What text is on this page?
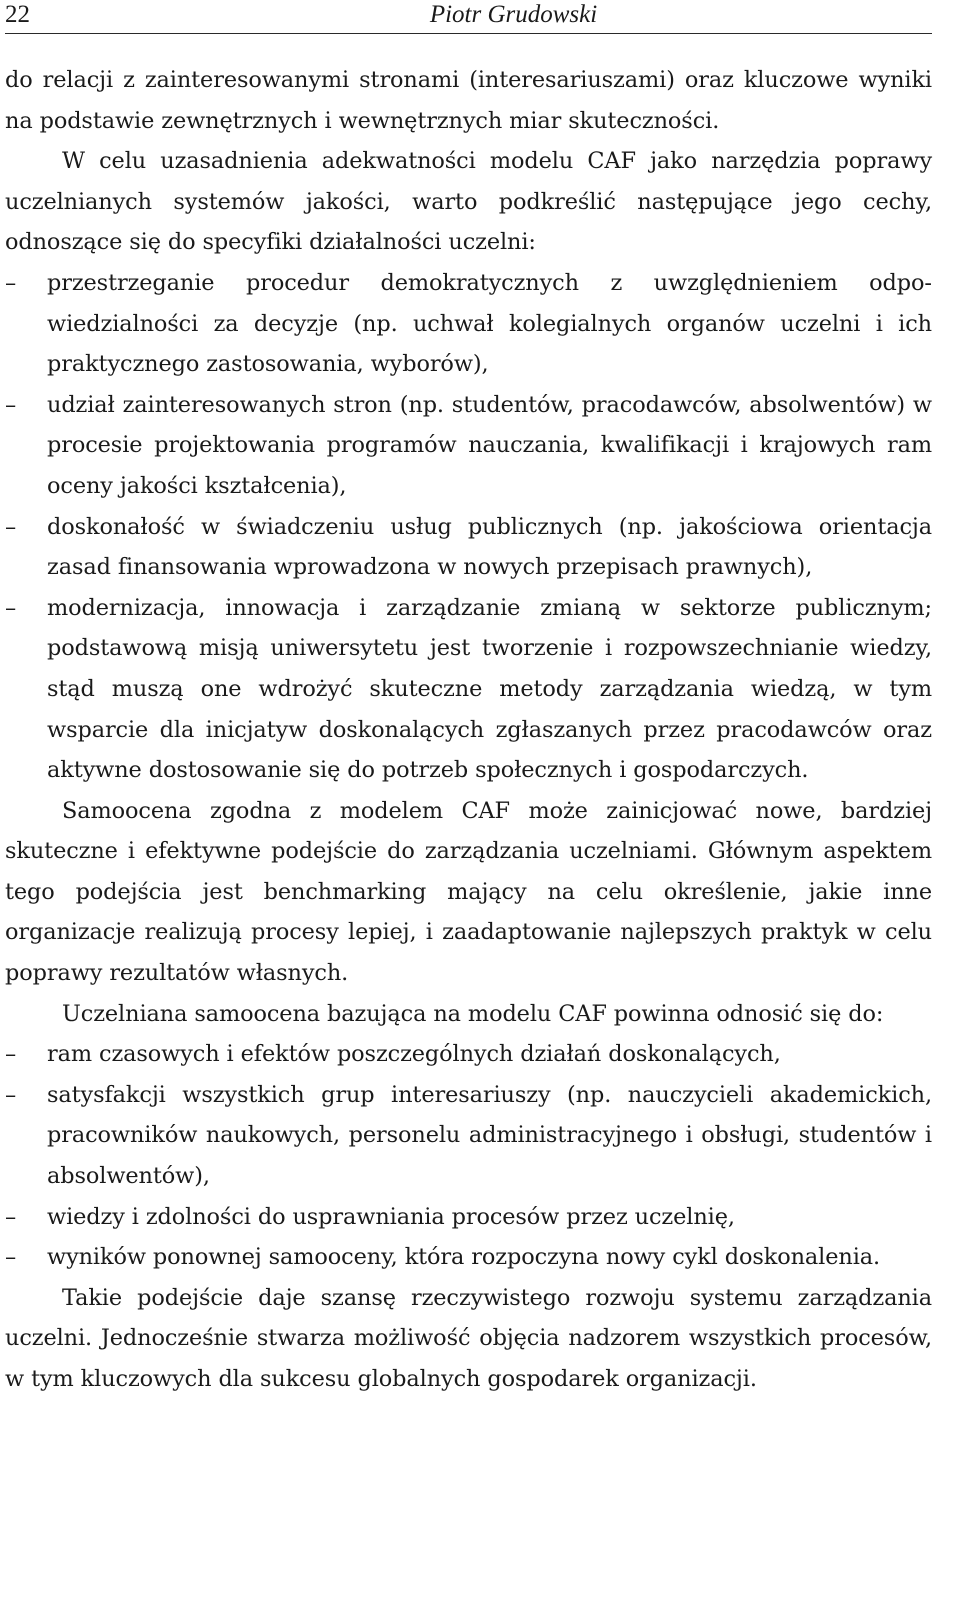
22	Piotr Grudowski

do relacji z zainteresowanymi stronami (interesariuszami) oraz kluczowe wyniki na podstawie zewnętrznych i wewnętrznych miar skuteczności.

W celu uzasadnienia adekwatności modelu CAF jako narzędzia poprawy uczelnianych systemów jakości, warto podkreślić następujące jego cechy, odnoszące się do specyfiki działalności uczelni:

– przestrzeganie procedur demokratycznych z uwzględnieniem odpowiedzialności za decyzje (np. uchwał kolegialnych organów uczelni i ich praktycznego zastosowania, wyborów),

– udział zainteresowanych stron (np. studentów, pracodawców, absolwentów) w procesie projektowania programów nauczania, kwalifikacji i krajowych ram oceny jakości kształcenia),

– doskonałość w świadczeniu usług publicznych (np. jakościowa orientacja zasad finansowania wprowadzona w nowych przepisach prawnych),

– modernizacja, innowacja i zarządzanie zmianą w sektorze publicznym; podstawową misją uniwersytetu jest tworzenie i rozpowszechnianie wiedzy, stąd muszą one wdrożyć skuteczne metody zarządzania wiedzą, w tym wsparcie dla inicjatyw doskonalących zgłaszanych przez pracodawców oraz aktywne dostosowanie się do potrzeb społecznych i gospodarczych.

Samoocena zgodna z modelem CAF może zainicjować nowe, bardziej skuteczne i efektywne podejście do zarządzania uczelniami. Głównym aspektem tego podejścia jest benchmarking mający na celu określenie, jakie inne organizacje realizują procesy lepiej, i zaadaptowanie najlepszych praktyk w celu poprawy rezultatów własnych.

Uczelniana samoocena bazująca na modelu CAF powinna odnosić się do:

– ram czasowych i efektów poszczególnych działań doskonalących,

– satysfakcji wszystkich grup interesariuszy (np. nauczycieli akademickich, pracowników naukowych, personelu administracyjnego i obsługi, studentów i absolwentów),

– wiedzy i zdolności do usprawniania procesów przez uczelnię,

– wyników ponownej samooceny, która rozpoczyna nowy cykl doskonalenia.

Takie podejście daje szansę rzeczywistego rozwoju systemu zarządzania uczelni. Jednocześnie stwarza możliwość objęcia nadzorem wszystkich procesów, w tym kluczowych dla sukcesu globalnych gospodarek organizacji.
